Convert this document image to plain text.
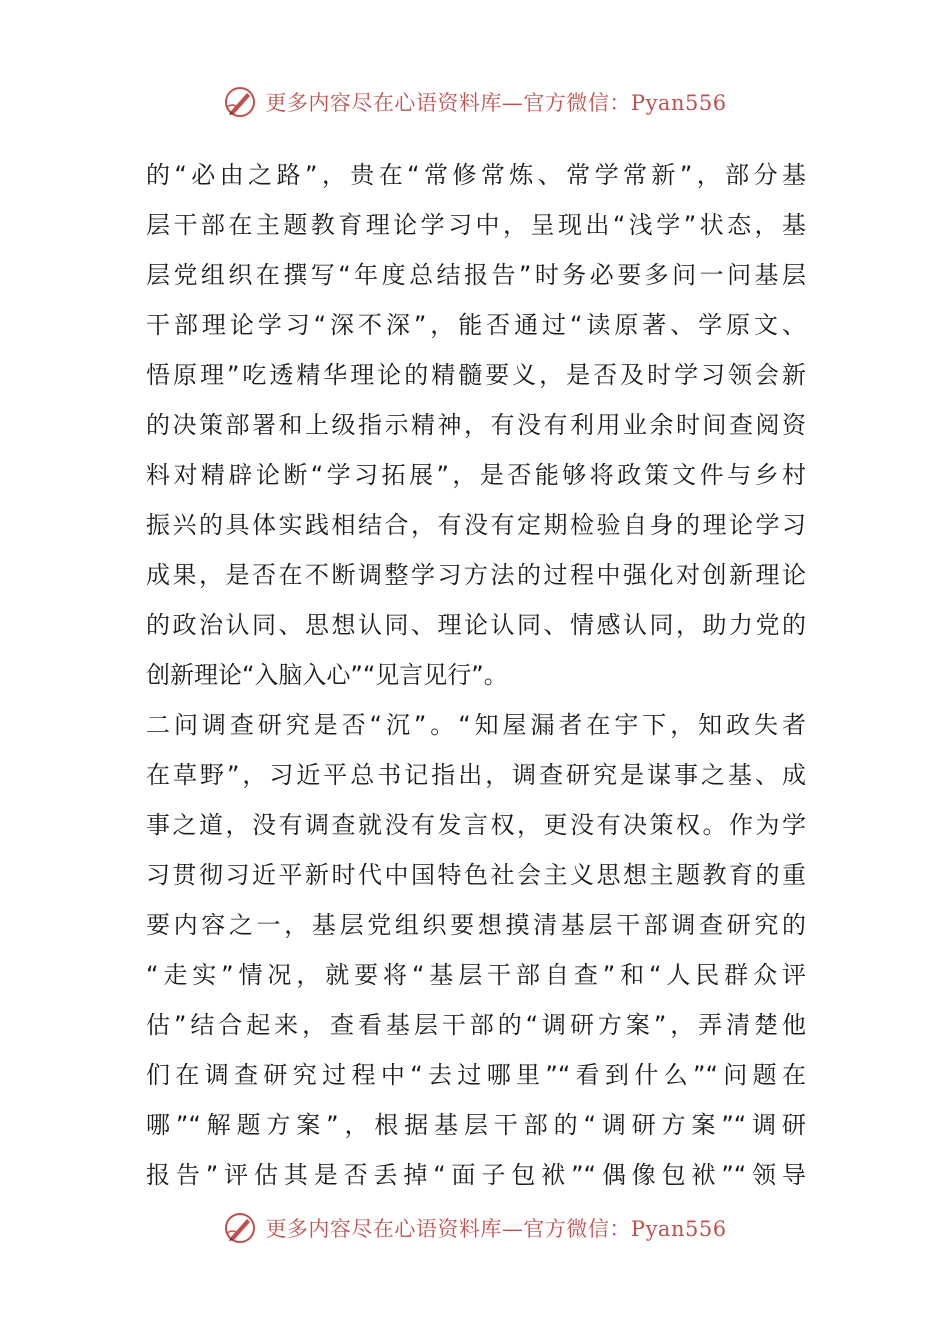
更多内容尽在心语资料库—官方微信：Pyan556
的“必由之路”，贵在“常修常炼、常学常新”，部分基
层干部在主题教育理论学习中，呈现出“浅学”状态，基
层党组织在撰写“年度总结报告”时务必要多问一问基层
干部理论学习“深不深”，能否通过“读原著、学原文、
悟原理”吃透精华理论的精髓要义，是否及时学习领会新
的决策部署和上级指示精神，有没有利用业余时间查阅资
料对精辟论断“学习拓展”，是否能够将政策文件与乡村
振兴的具体实践相结合，有没有定期检验自身的理论学习
成果，是否在不断调整学习方法的过程中强化对创新理论
的政治认同、思想认同、理论认同、情感认同，助力党的
创新理论“入脑入心”“见言见行”。
二问调查研究是否“沉”。“知屋漏者在宇下，知政失者
在草野”，习近平总书记指出，调查研究是谋事之基、成
事之道，没有调查就没有发言权，更没有决策权。作为学
习贯彻习近平新时代中国特色社会主义思想主题教育的重
要内容之一，基层党组织要想摸清基层干部调查研究的
“走实”情况，就要将“基层干部自查”和“人民群众评
估”结合起来，查看基层干部的“调研方案”，弄清楚他
们在调查研究过程中“去过哪里”“看到什么”“问题在
哪”“解题方案”，根据基层干部的“调研方案”“调研
报告”评估其是否丢掉“面子包袱”“偶像包袱”“领导
更多内容尽在心语资料库—官方微信：Pyan556
